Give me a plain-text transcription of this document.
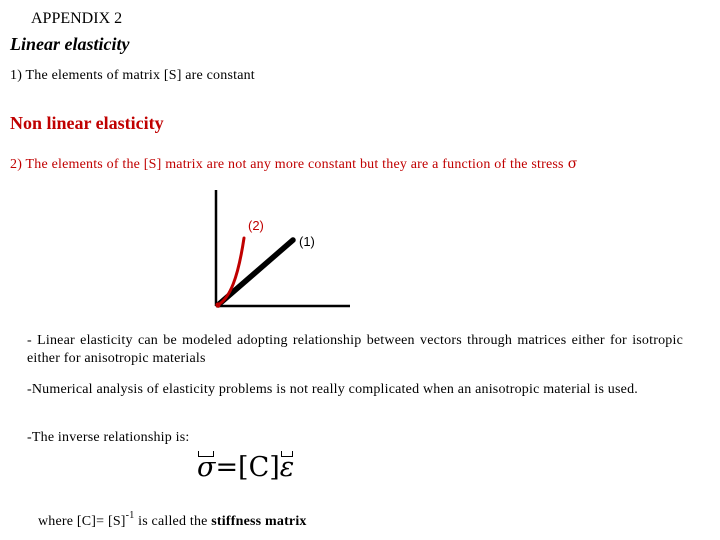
APPENDIX 2
Linear elasticity
1) The elements of matrix [S] are constant
Non linear elasticity
2) The elements of the [S] matrix are not any more constant but they are a function of the stress σ
(2)
(1)
- Linear elasticity can be modeled adopting relationship between vectors through matrices either for isotropic either for anisotropic materials
-Numerical analysis of elasticity problems is not really complicated when an anisotropic material is used.
-The inverse relationship is:
σ=[C]ε
where $[C]= [S]^{-1}$ is called the stiffness matrix
